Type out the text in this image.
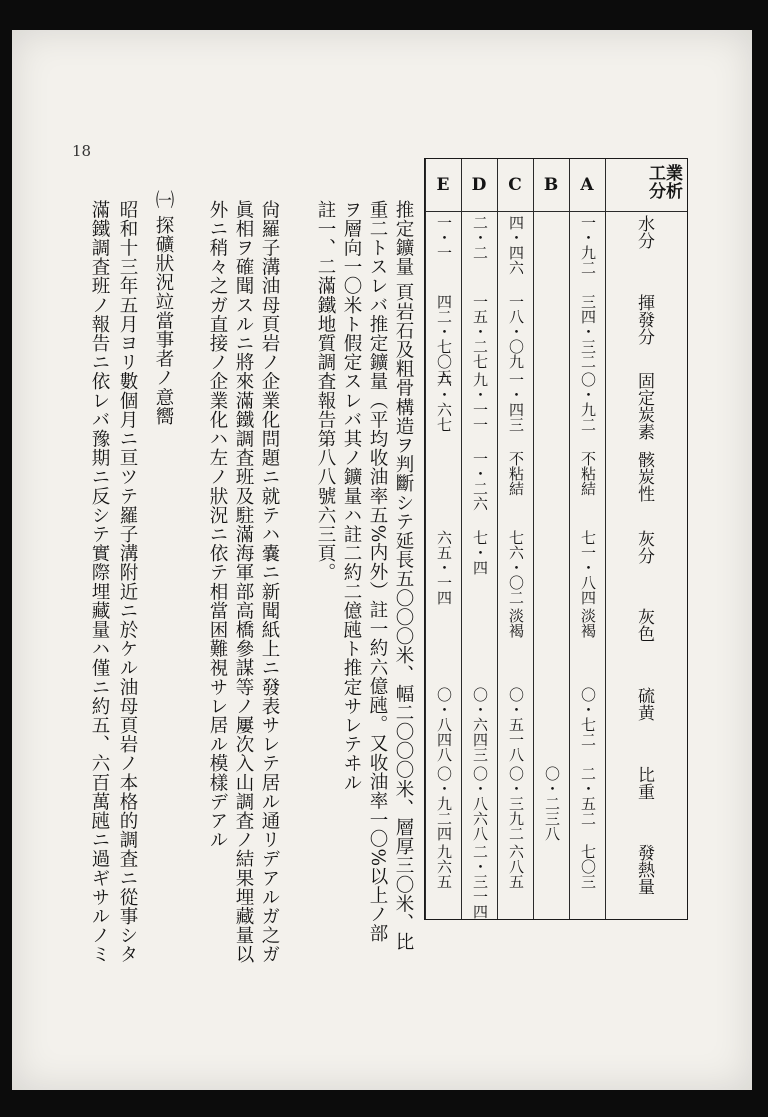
18
工業分析
水分
揮發分
固定炭素
骸炭性
灰分
灰色
硫黄
比重
發熱量
A
一・九二
三四・三二
〇・九二
不粘結
七一・八四
淡褐
〇・七二
二・五二
七〇三
B
〇・二三八
C
四・四六
一八・〇九
一・四三
不粘結
七六・〇二
淡褐
〇・五一八
〇・三九二
六八五
D
二・二
一五・二七
九・一一
一・二六
七・四
〇・六四三
〇・八六八
二・三一四
E
一・一
四二・七〇五
六・六七
六五・一四
〇・八四八
〇・九二四
九六五
推定鑛量 頁岩石及粗骨構造ヲ判斷シテ延長五〇〇〇米、幅二〇〇〇米、層厚三〇米、比
重二トスレバ推定鑛量（平均收油率五%内外）註一約六億瓲。又收油率一〇%以上ノ部
ヲ層向一〇米ト假定スレバ其ノ鑛量ハ註二約二億瓲ト推定サレテヰル
註一、二滿鐵地質調査報告第八八號六三頁。
尙羅子溝油母頁岩ノ企業化問題ニ就テハ嚢ニ新聞紙上ニ發表サレテ居ル通リデアルガ之ガ
眞相ヲ確聞スルニ將來滿鐵調査班及駐滿海軍部高橋參謀等ノ屢次入山調査ノ結果埋藏量以
外ニ稍々之ガ直接ノ企業化ハ左ノ狀況ニ依テ相當困難視サレ居ル模樣デアル
㈠ 探礦狀況竝當事者ノ意嚮
昭和十三年五月ヨリ數個月ニ亘ツテ羅子溝附近ニ於ケル油母頁岩ノ本格的調査ニ從事シタ
滿鐵調査班ノ報告ニ依レバ豫期ニ反シテ實際埋藏量ハ僅ニ約五、六百萬瓲ニ過ギサルノミ
